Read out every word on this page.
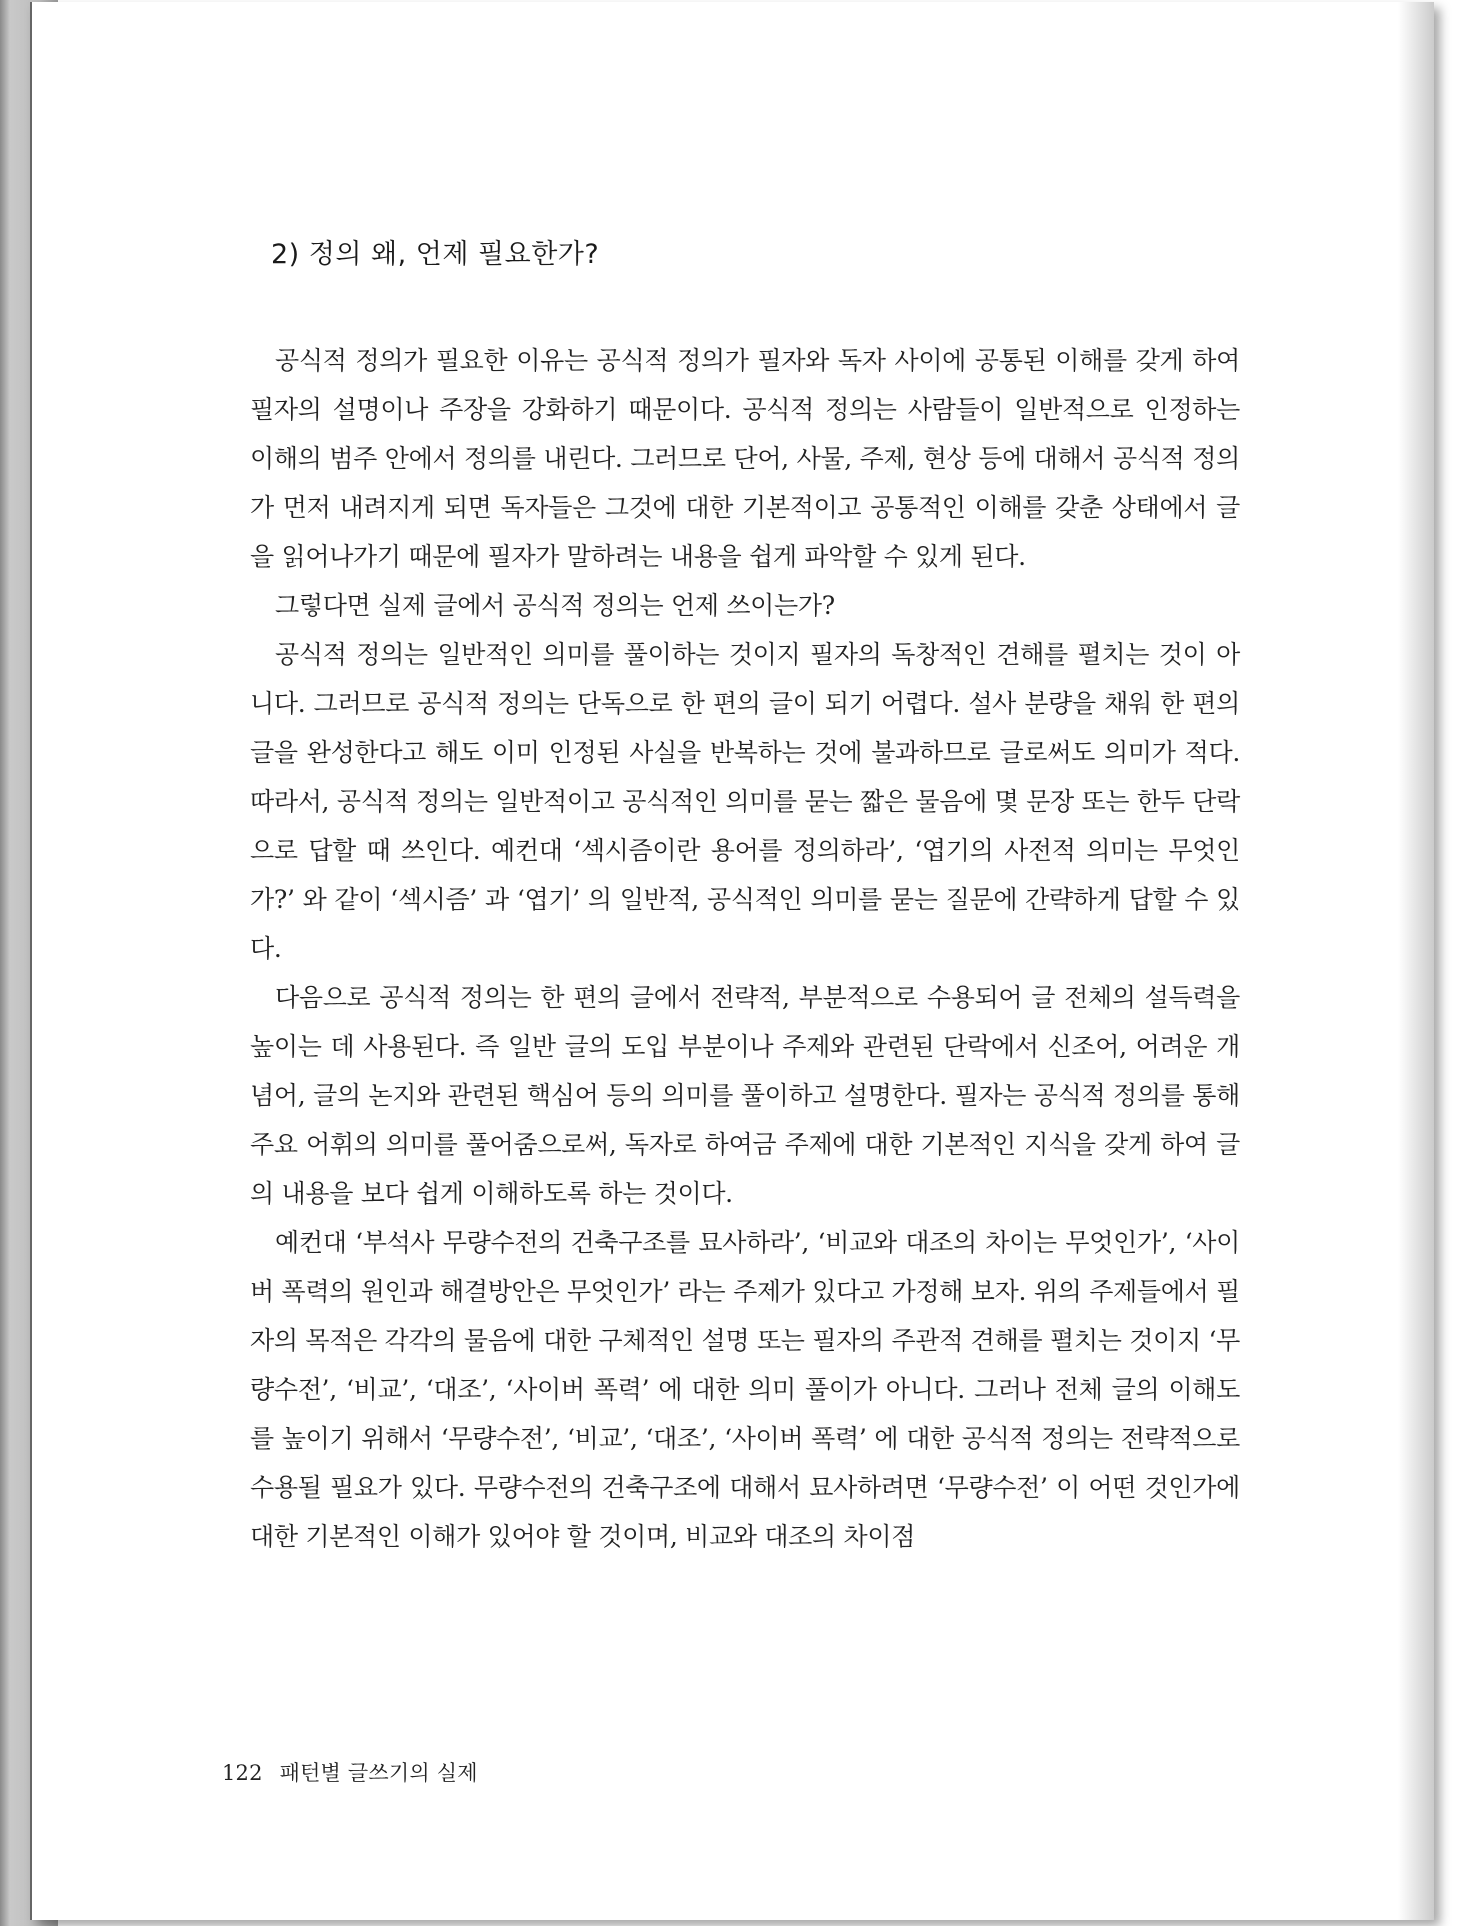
2) 정의 왜, 언제 필요한가?

공식적 정의가 필요한 이유는 공식적 정의가 필자와 독자 사이에 공통된 이해를 갖게 하여 필자의 설명이나 주장을 강화하기 때문이다. 공식적 정의는 사람들이 일반적으로 인정하는 이해의 범주 안에서 정의를 내린다. 그러므로 단어, 사물, 주제, 현상 등에 대해서 공식적 정의가 먼저 내려지게 되면 독자들은 그것에 대한 기본적이고 공통적인 이해를 갖춘 상태에서 글을 읽어나가기 때문에 필자가 말하려는 내용을 쉽게 파악할 수 있게 된다.

그렇다면 실제 글에서 공식적 정의는 언제 쓰이는가?

공식적 정의는 일반적인 의미를 풀이하는 것이지 필자의 독창적인 견해를 펼치는 것이 아니다. 그러므로 공식적 정의는 단독으로 한 편의 글이 되기 어렵다. 설사 분량을 채워 한 편의 글을 완성한다고 해도 이미 인정된 사실을 반복하는 것에 불과하므로 글로써도 의미가 적다. 따라서, 공식적 정의는 일반적이고 공식적인 의미를 묻는 짧은 물음에 몇 문장 또는 한두 단락으로 답할 때 쓰인다. 예컨대 ‘섹시즘이란 용어를 정의하라’, ‘엽기의 사전적 의미는 무엇인가?’ 와 같이 ‘섹시즘’ 과 ‘엽기’ 의 일반적, 공식적인 의미를 묻는 질문에 간략하게 답할 수 있다.

다음으로 공식적 정의는 한 편의 글에서 전략적, 부분적으로 수용되어 글 전체의 설득력을 높이는 데 사용된다. 즉 일반 글의 도입 부분이나 주제와 관련된 단락에서 신조어, 어려운 개념어, 글의 논지와 관련된 핵심어 등의 의미를 풀이하고 설명한다. 필자는 공식적 정의를 통해 주요 어휘의 의미를 풀어줌으로써, 독자로 하여금 주제에 대한 기본적인 지식을 갖게 하여 글의 내용을 보다 쉽게 이해하도록 하는 것이다.

예컨대 ‘부석사 무량수전의 건축구조를 묘사하라’, ‘비교와 대조의 차이는 무엇인가’, ‘사이버 폭력의 원인과 해결방안은 무엇인가’ 라는 주제가 있다고 가정해 보자. 위의 주제들에서 필자의 목적은 각각의 물음에 대한 구체적인 설명 또는 필자의 주관적 견해를 펼치는 것이지 ‘무량수전’, ‘비교’, ‘대조’, ‘사이버 폭력’ 에 대한 의미 풀이가 아니다. 그러나 전체 글의 이해도를 높이기 위해서 ‘무량수전’, ‘비교’, ‘대조’, ‘사이버 폭력’ 에 대한 공식적 정의는 전략적으로 수용될 필요가 있다. 무량수전의 건축구조에 대해서 묘사하려면 ‘무량수전’ 이 어떤 것인가에 대한 기본적인 이해가 있어야 할 것이며, 비교와 대조의 차이점

122 패턴별 글쓰기의 실제
